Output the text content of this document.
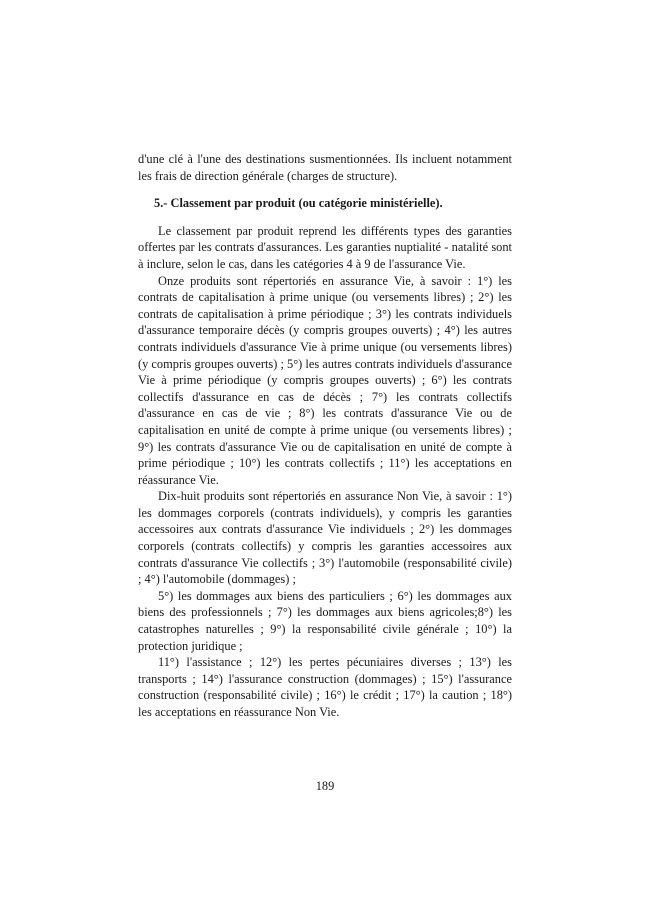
d'une clé à l'une des destinations susmentionnées. Ils incluent notamment les frais de direction générale (charges de structure).

5.- Classement par produit (ou catégorie ministérielle).

Le classement par produit reprend les différents types des garanties offertes par les contrats d'assurances. Les garanties nuptialité - natalité sont à inclure, selon le cas, dans les catégories 4 à 9 de l'assurance Vie.

Onze produits sont répertoriés en assurance Vie, à savoir : 1°) les contrats de capitalisation à prime unique (ou versements libres) ; 2°) les contrats de capitalisation à prime périodique ; 3°) les contrats individuels d'assurance temporaire décès (y compris groupes ouverts) ; 4°) les autres contrats individuels d'assurance Vie à prime unique (ou versements libres) (y compris groupes ouverts) ; 5°) les autres contrats individuels d'assurance Vie à prime périodique (y compris groupes ouverts) ; 6°) les contrats collectifs d'assurance en cas de décès ; 7°) les contrats collectifs d'assurance en cas de vie ; 8°) les contrats d'assurance Vie ou de capitalisation en unité de compte à prime unique (ou versements libres) ; 9°) les contrats d'assurance Vie ou de capitalisation en unité de compte à prime périodique ; 10°) les contrats collectifs ; 11°) les acceptations en réassurance Vie.

Dix-huit produits sont répertoriés en assurance Non Vie, à savoir : 1°) les dommages corporels (contrats individuels), y compris les garanties accessoires aux contrats d'assurance Vie individuels ; 2°) les dommages corporels (contrats collectifs) y compris les garanties accessoires aux contrats d'assurance Vie collectifs ; 3°) l'automobile (responsabilité civile) ; 4°) l'automobile (dommages) ;

5°) les dommages aux biens des particuliers ; 6°) les dommages aux biens des professionnels ; 7°) les dommages aux biens agricoles;8°) les catastrophes naturelles ; 9°) la responsabilité civile générale ; 10°) la protection juridique ;

11°) l'assistance ; 12°) les pertes pécuniaires diverses ; 13°) les transports ; 14°) l'assurance construction (dommages) ; 15°) l'assurance construction (responsabilité civile) ; 16°) le crédit ; 17°) la caution ; 18°) les acceptations en réassurance Non Vie.

189
